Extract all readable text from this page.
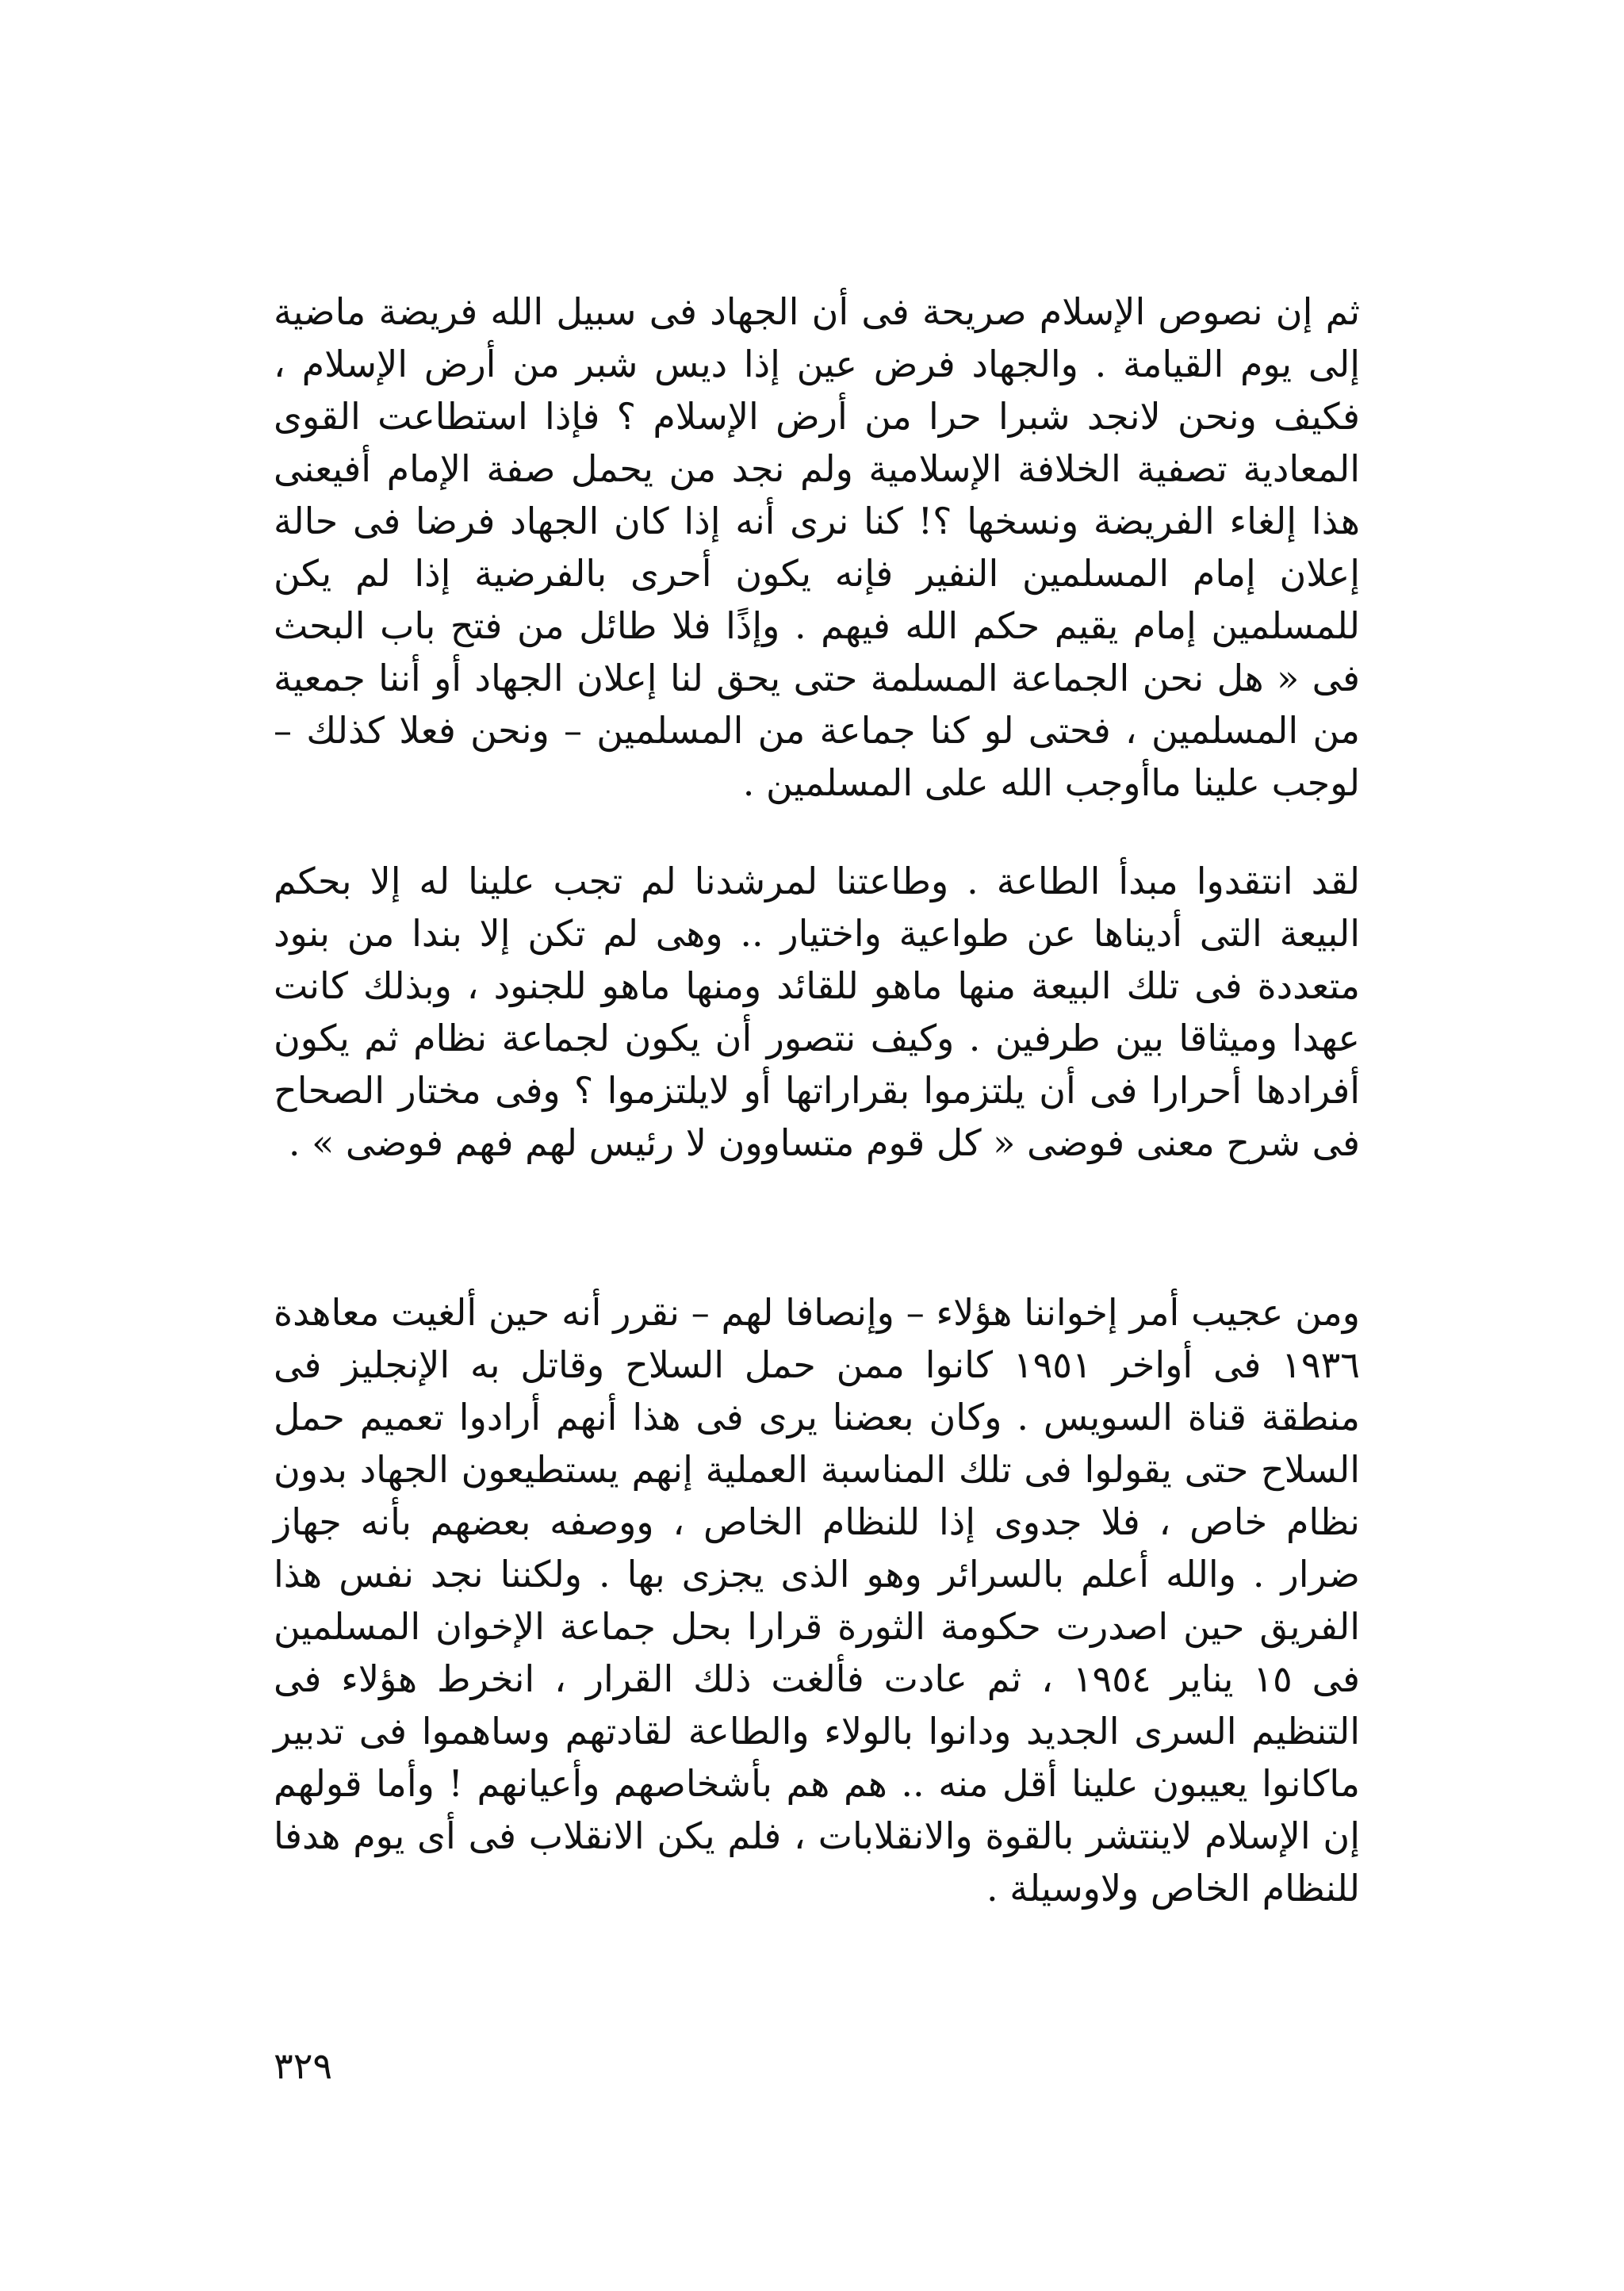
ثم إن نصوص الإسلام صريحة فى أن الجهاد فى سبيل الله فريضة ماضية إلى يوم القيامة . والجهاد فرض عين إذا ديس شبر من أرض الإسلام ، فكيف ونحن لانجد شبرا حرا من أرض الإسلام ؟ فإذا استطاعت القوى المعادية تصفية الخلافة الإسلامية ولم نجد من يحمل صفة الإمام أفيعنى هذا إلغاء الفريضة ونسخها ؟! كنا نرى أنه إذا كان الجهاد فرضا فى حالة إعلان إمام المسلمين النفير فإنه يكون أحرى بالفرضية إذا لم يكن للمسلمين إمام يقيم حكم الله فيهم . وإذًا فلا طائل من فتح باب البحث فى « هل نحن الجماعة المسلمة حتى يحق لنا إعلان الجهاد أو أننا جمعية من المسلمين ، فحتى لو كنا جماعة من المسلمين – ونحن فعلا كذلك – لوجب علينا ماأوجب الله على المسلمين .

لقد انتقدوا مبدأ الطاعة . وطاعتنا لمرشدنا لم تجب علينا له إلا بحكم البيعة التى أديناها عن طواعية واختيار .. وهى لم تكن إلا بندا من بنود متعددة فى تلك البيعة منها ماهو للقائد ومنها ماهو للجنود ، وبذلك كانت عهدا وميثاقا بين طرفين . وكيف نتصور أن يكون لجماعة نظام ثم يكون أفرادها أحرارا فى أن يلتزموا بقراراتها أو لايلتزموا ؟ وفى مختار الصحاح فى شرح معنى فوضى « كل قوم متساوون لا رئيس لهم فهم فوضى » .

ومن عجيب أمر إخواننا هؤلاء – وإنصافا لهم – نقرر أنه حين ألغيت معاهدة ١٩٣٦ فى أواخر ١٩٥١ كانوا ممن حمل السلاح وقاتل به الإنجليز فى منطقة قناة السويس . وكان بعضنا يرى فى هذا أنهم أرادوا تعميم حمل السلاح حتى يقولوا فى تلك المناسبة العملية إنهم يستطيعون الجهاد بدون نظام خاص ، فلا جدوى إذا للنظام الخاص ، ووصفه بعضهم بأنه جهاز ضرار . والله أعلم بالسرائر وهو الذى يجزى بها . ولكننا نجد نفس هذا الفريق حين اصدرت حكومة الثورة قرارا بحل جماعة الإخوان المسلمين فى ١٥ يناير ١٩٥٤ ، ثم عادت فألغت ذلك القرار ، انخرط هؤلاء فى التنظيم السرى الجديد ودانوا بالولاء والطاعة لقادتهم وساهموا فى تدبير ماكانوا يعيبون علينا أقل منه .. هم هم بأشخاصهم وأعيانهم ! وأما قولهم إن الإسلام لاينتشر بالقوة والانقلابات ، فلم يكن الانقلاب فى أى يوم هدفا للنظام الخاص ولاوسيلة .

٣٢٩
